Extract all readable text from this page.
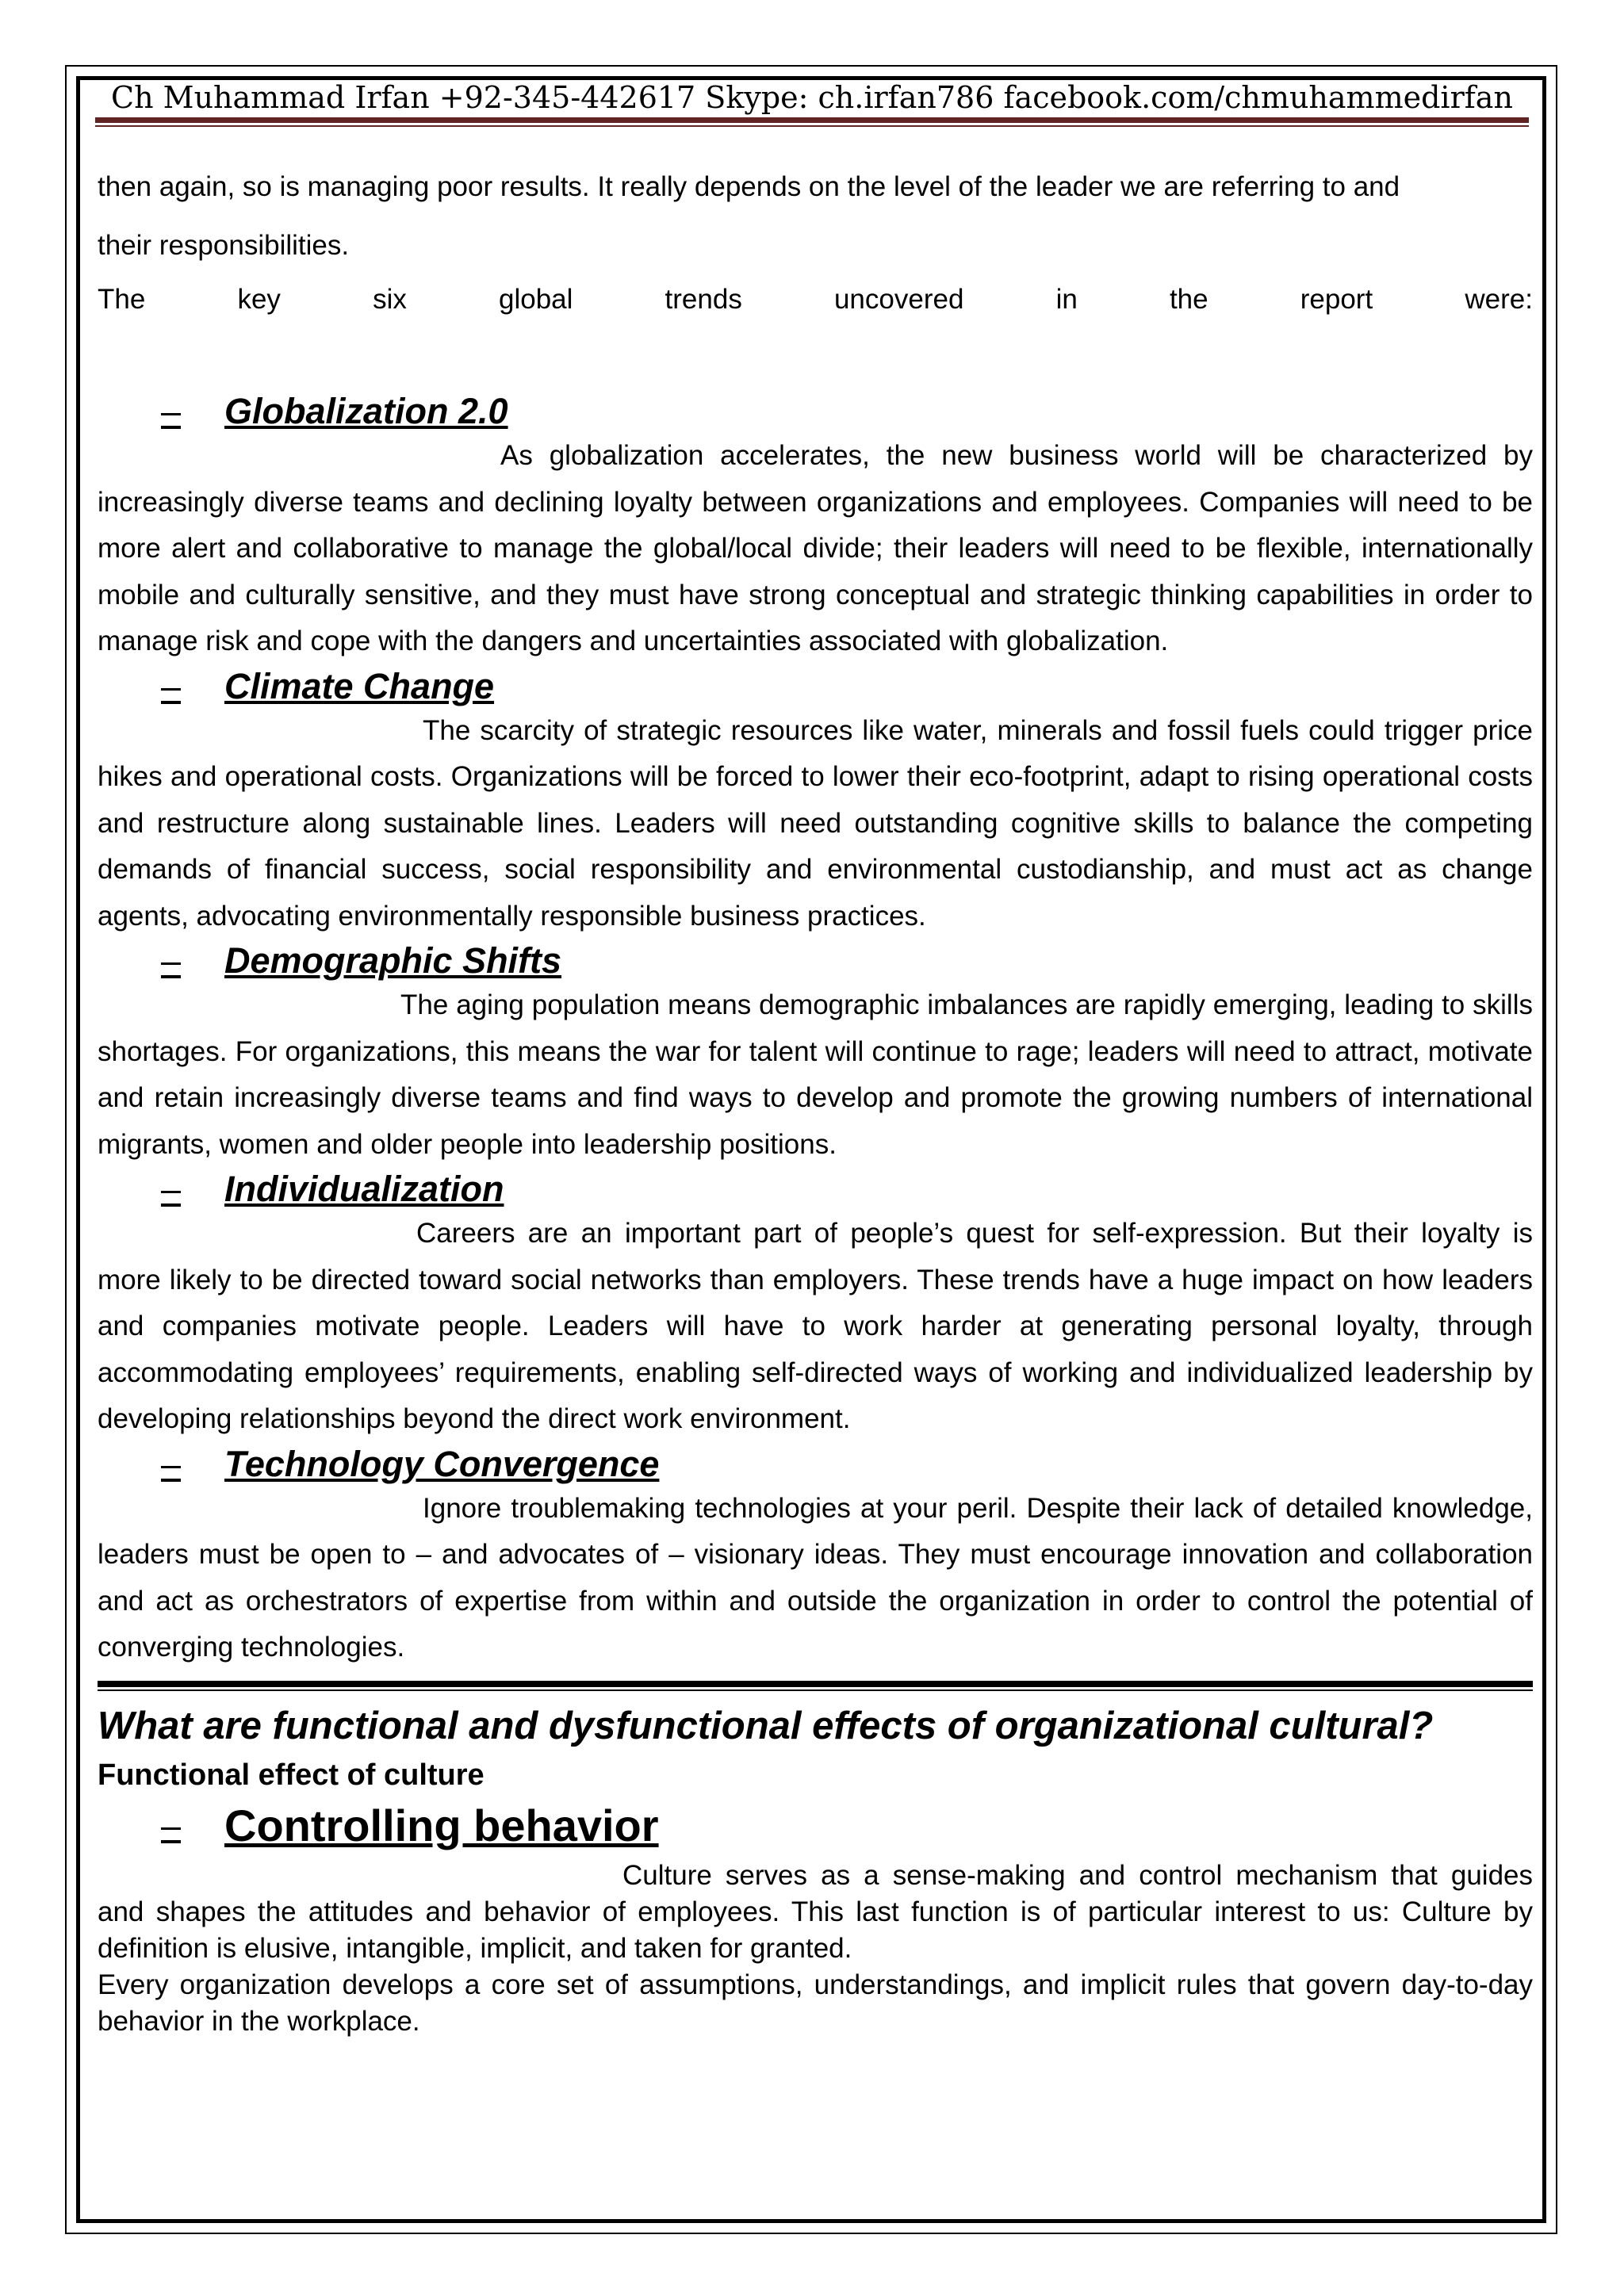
Ch Muhammad Irfan +92-345-442617 Skype: ch.irfan786 facebook.com/chmuhammedirfan

then again, so is managing poor results. It really depends on the level of the leader we are referring to and

their responsibilities.

The	key	six	global	trends	uncovered	in	the	report	were:
–	Globalization 2.0

As globalization accelerates, the new business world will be characterized by increasingly diverse teams and declining loyalty between organizations and employees. Companies will need to be more alert and collaborative to manage the global/local divide; their leaders will need to be flexible, internationally mobile and culturally sensitive, and they must have strong conceptual and strategic thinking capabilities in order to manage risk and cope with the dangers and uncertainties associated with globalization.

–	Climate Change

The scarcity of strategic resources like water, minerals and fossil fuels could trigger price hikes and operational costs. Organizations will be forced to lower their eco-footprint, adapt to rising operational costs and restructure along sustainable lines. Leaders will need outstanding cognitive skills to balance the competing demands of financial success, social responsibility and environmental custodianship, and must act as change agents, advocating environmentally responsible business practices.

–	Demographic Shifts

The aging population means demographic imbalances are rapidly emerging, leading to skills shortages. For organizations, this means the war for talent will continue to rage; leaders will need to attract, motivate and retain increasingly diverse teams and find ways to develop and promote the growing numbers of international migrants, women and older people into leadership positions.

–	Individualization

Careers are an important part of people’s quest for self-expression. But their loyalty is more likely to be directed toward social networks than employers. These trends have a huge impact on how leaders and companies motivate people. Leaders will have to work harder at generating personal loyalty, through accommodating employees’ requirements, enabling self-directed ways of working and individualized leadership by developing relationships beyond the direct work environment.

–	Technology Convergence

Ignore troublemaking technologies at your peril. Despite their lack of detailed knowledge, leaders must be open to – and advocates of – visionary ideas. They must encourage innovation and collaboration and act as orchestrators of expertise from within and outside the organization in order to control the potential of converging technologies.

What are functional and dysfunctional effects of organizational cultural?
Functional effect of culture
– Controlling behavior

Culture serves as a sense-making and control mechanism that guides and shapes the attitudes and behavior of employees. This last function is of particular interest to us: Culture by definition is elusive, intangible, implicit, and taken for granted.

Every organization develops a core set of assumptions, understandings, and implicit rules that govern day-to-day behavior in the workplace.
